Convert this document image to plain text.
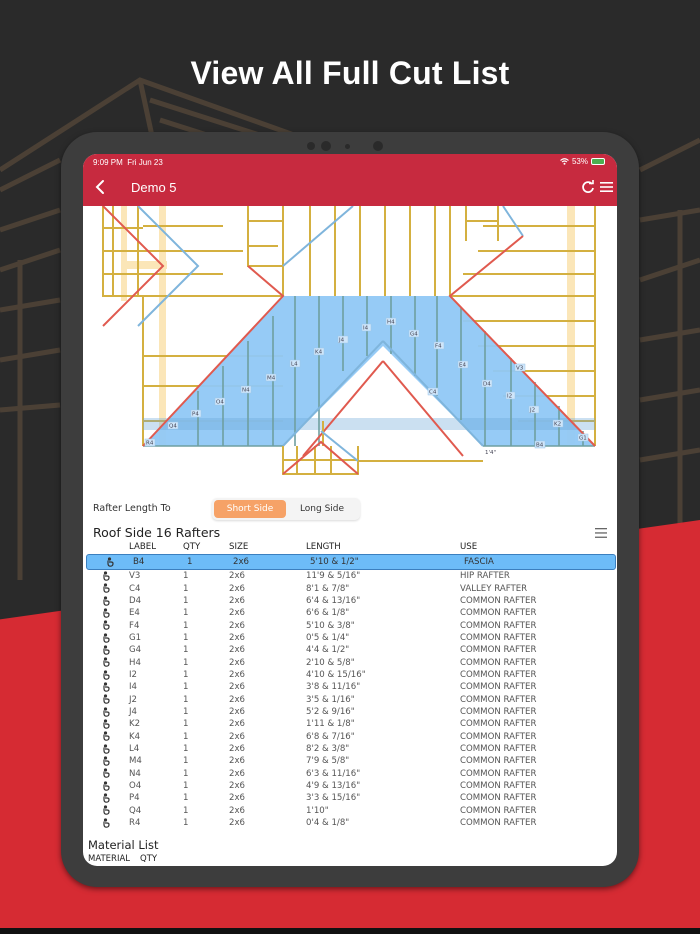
View All Full Cut List
9:09 PM Fri Jun 23	53%
Demo 5
R4
Q4
P4
O4
N4
M4
L4
K4
J4
I4
H4
G4
F4
E4	V3
D4
C4
I2
J2
K2
G1
B4
1'4"
Rafter Length To	Short Side	Long Side
Roof Side 16 Rafters
LABEL	QTY	SIZE	LENGTH	USE
B4	1	2x6	5'10 & 1/2"	FASCIA
V3	1	2x6	11'9 & 5/16"	HIP RAFTER
C4	1	2x6	8'1 & 7/8"	VALLEY RAFTER
D4	1	2x6	6'4 & 13/16"	COMMON RAFTER
E4	1	2x6	6'6 & 1/8"	COMMON RAFTER
F4	1	2x6	5'10 & 3/8"	COMMON RAFTER
G1	1	2x6	0'5 & 1/4"	COMMON RAFTER
G4	1	2x6	4'4 & 1/2"	COMMON RAFTER
H4	1	2x6	2'10 & 5/8"	COMMON RAFTER
I2	1	2x6	4'10 & 15/16"	COMMON RAFTER
I4	1	2x6	3'8 & 11/16"	COMMON RAFTER
J2	1	2x6	3'5 & 1/16"	COMMON RAFTER
J4	1	2x6	5'2 & 9/16"	COMMON RAFTER
K2	1	2x6	1'11 & 1/8"	COMMON RAFTER
K4	1	2x6	6'8 & 7/16"	COMMON RAFTER
L4	1	2x6	8'2 & 3/8"	COMMON RAFTER
M4	1	2x6	7'9 & 5/8"	COMMON RAFTER
N4	1	2x6	6'3 & 11/16"	COMMON RAFTER
O4	1	2x6	4'9 & 13/16"	COMMON RAFTER
P4	1	2x6	3'3 & 15/16"	COMMON RAFTER
Q4	1	2x6	1'10"	COMMON RAFTER
R4	1	2x6	0'4 & 1/8"	COMMON RAFTER
Material List
MATERIAL QTY
